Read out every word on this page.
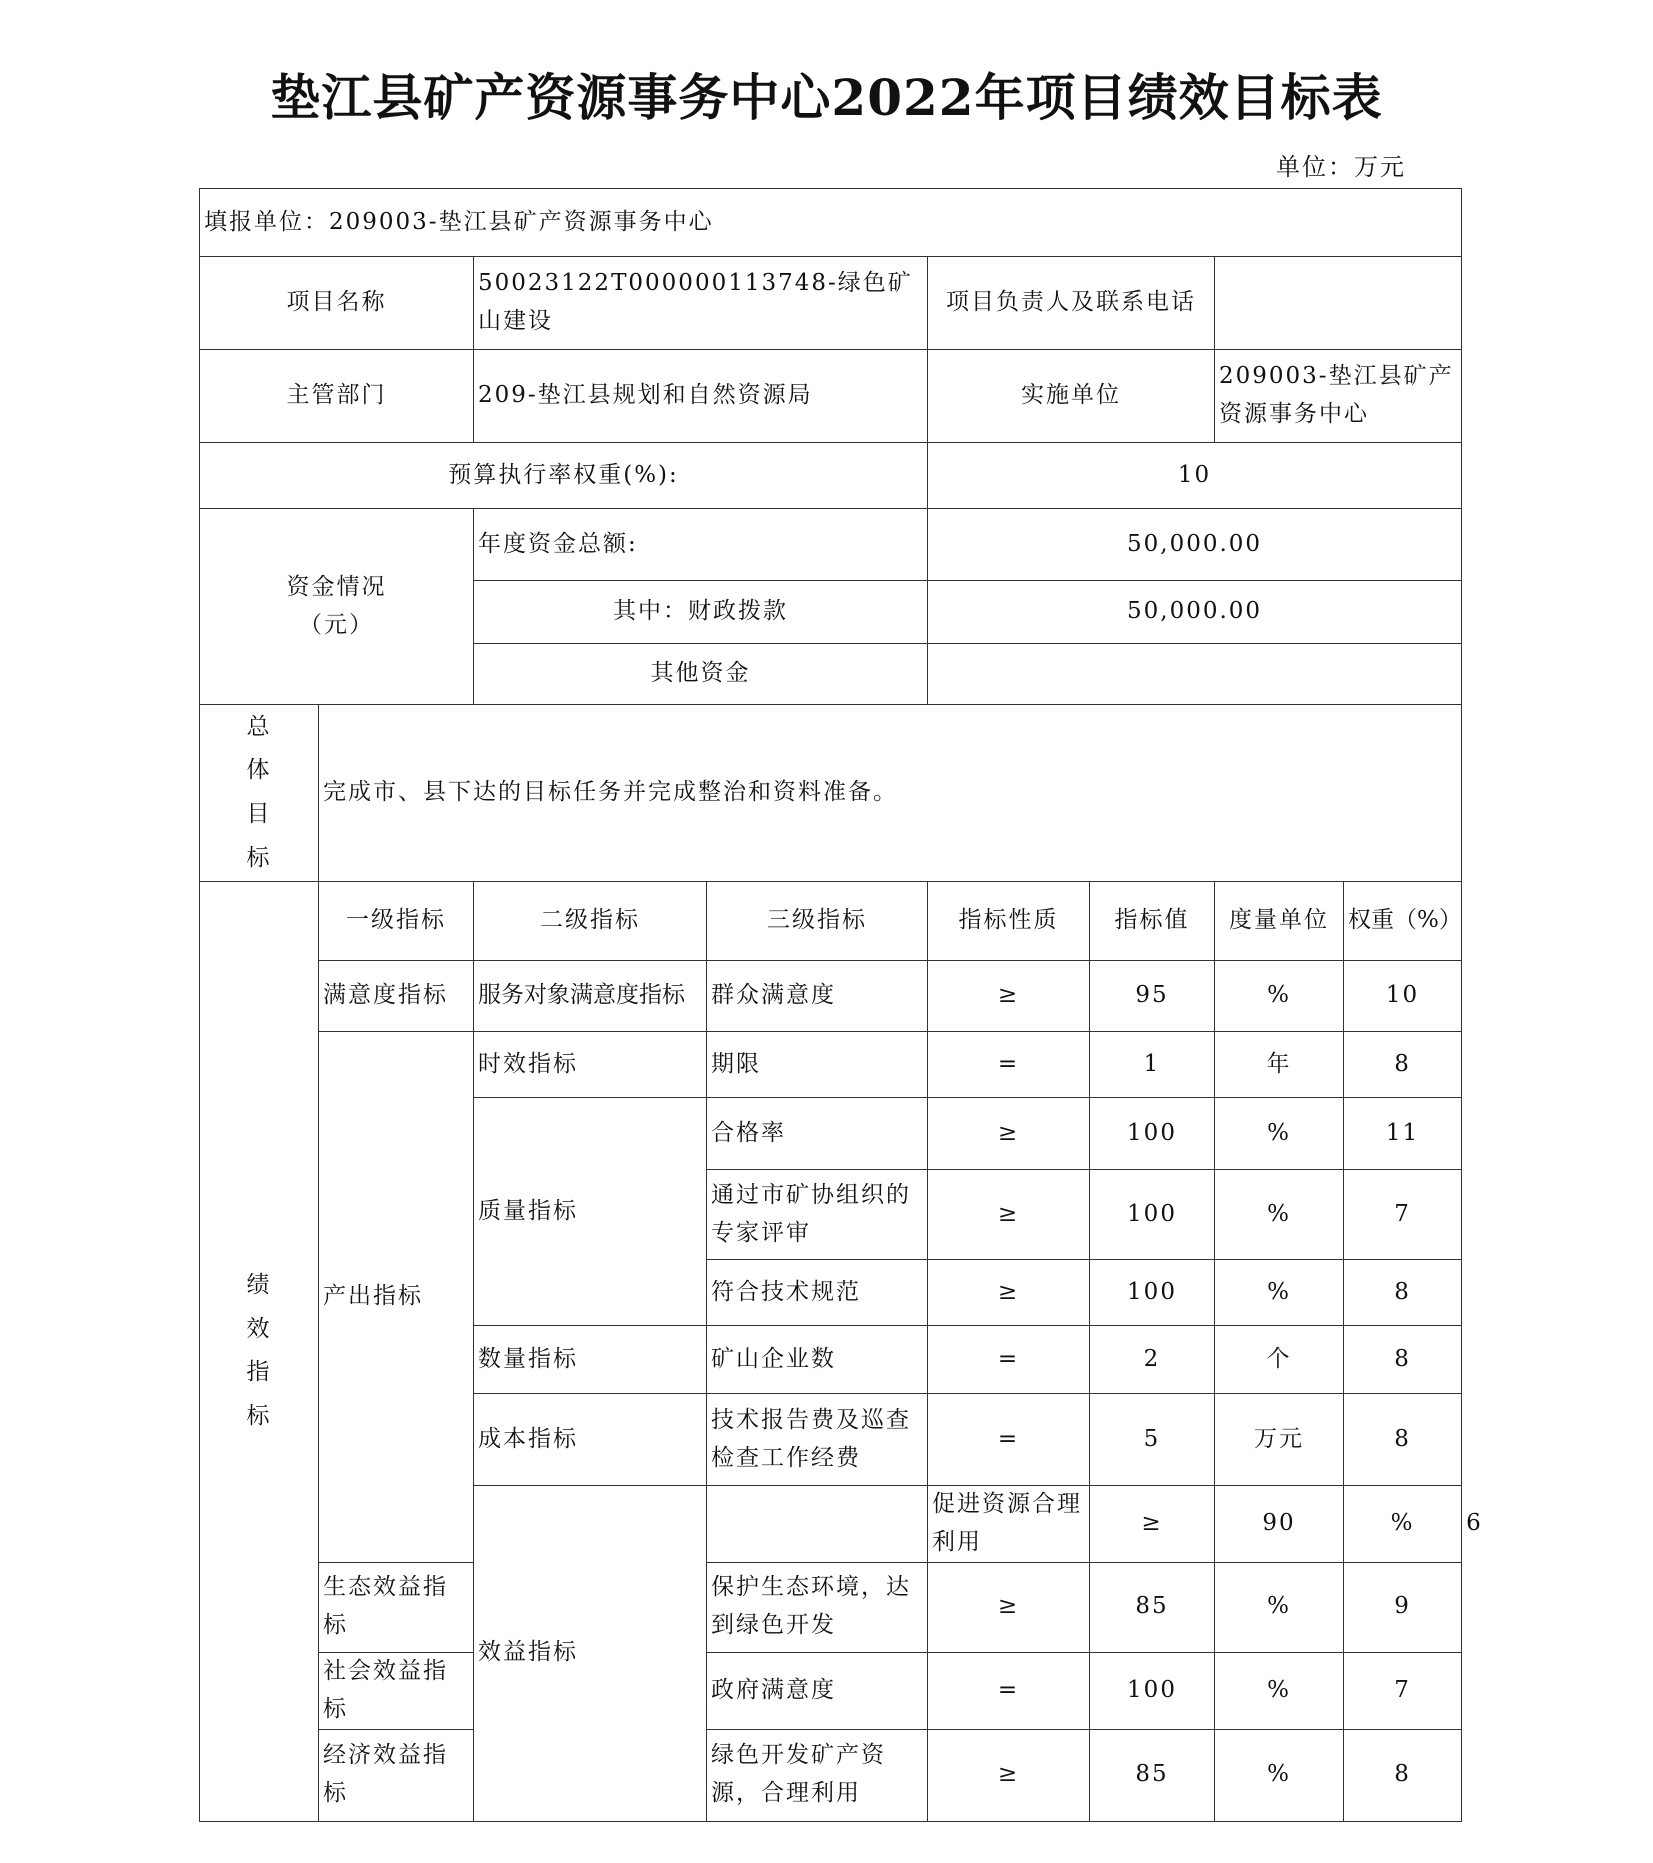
垫江县矿产资源事务中心2022年项目绩效目标表
单位：万元
填报单位：209003-垫江县矿产资源事务中心								
项目名称		50023122T000000113748-绿色矿山建设		项目负责人及联系电话				
主管部门		209-垫江县规划和自然资源局		实施单位		209003-垫江县矿产资源事务中心		
预算执行率权重(%):				10				

资金情况
（元）		年度资金总额:		50,000.00				
		其中：财政拨款		50,000.00				
		其他资金						

总
体
目
标	完成市、县下达的目标任务并完成整治和资料准备。							

绩
效
指
标	一级指标	二级指标	三级指标	指标性质	指标值	度量单位	权重（%）	
	满意度指标	服务对象满意度指标	群众满意度	≥	95	%	10	
	产出指标	时效指标	期限	=	1	年	8	
		质量指标	合格率	≥	100	%	11	
			通过市矿协组织的专家评审	≥	100	%	7	
			符合技术规范	≥	100	%	8	
		数量指标	矿山企业数	=	2	个	8	
		成本指标	技术报告费及巡查检查工作经费	=	5	万元	8	
		效益指标		促进资源合理利用	≥	90	%	6
	生态效益指标		保护生态环境，达到绿色开发	≥	85	%	9	
	社会效益指标		政府满意度	=	100	%	7	
	经济效益指标		绿色开发矿产资源，合理利用	≥	85	%	8	
